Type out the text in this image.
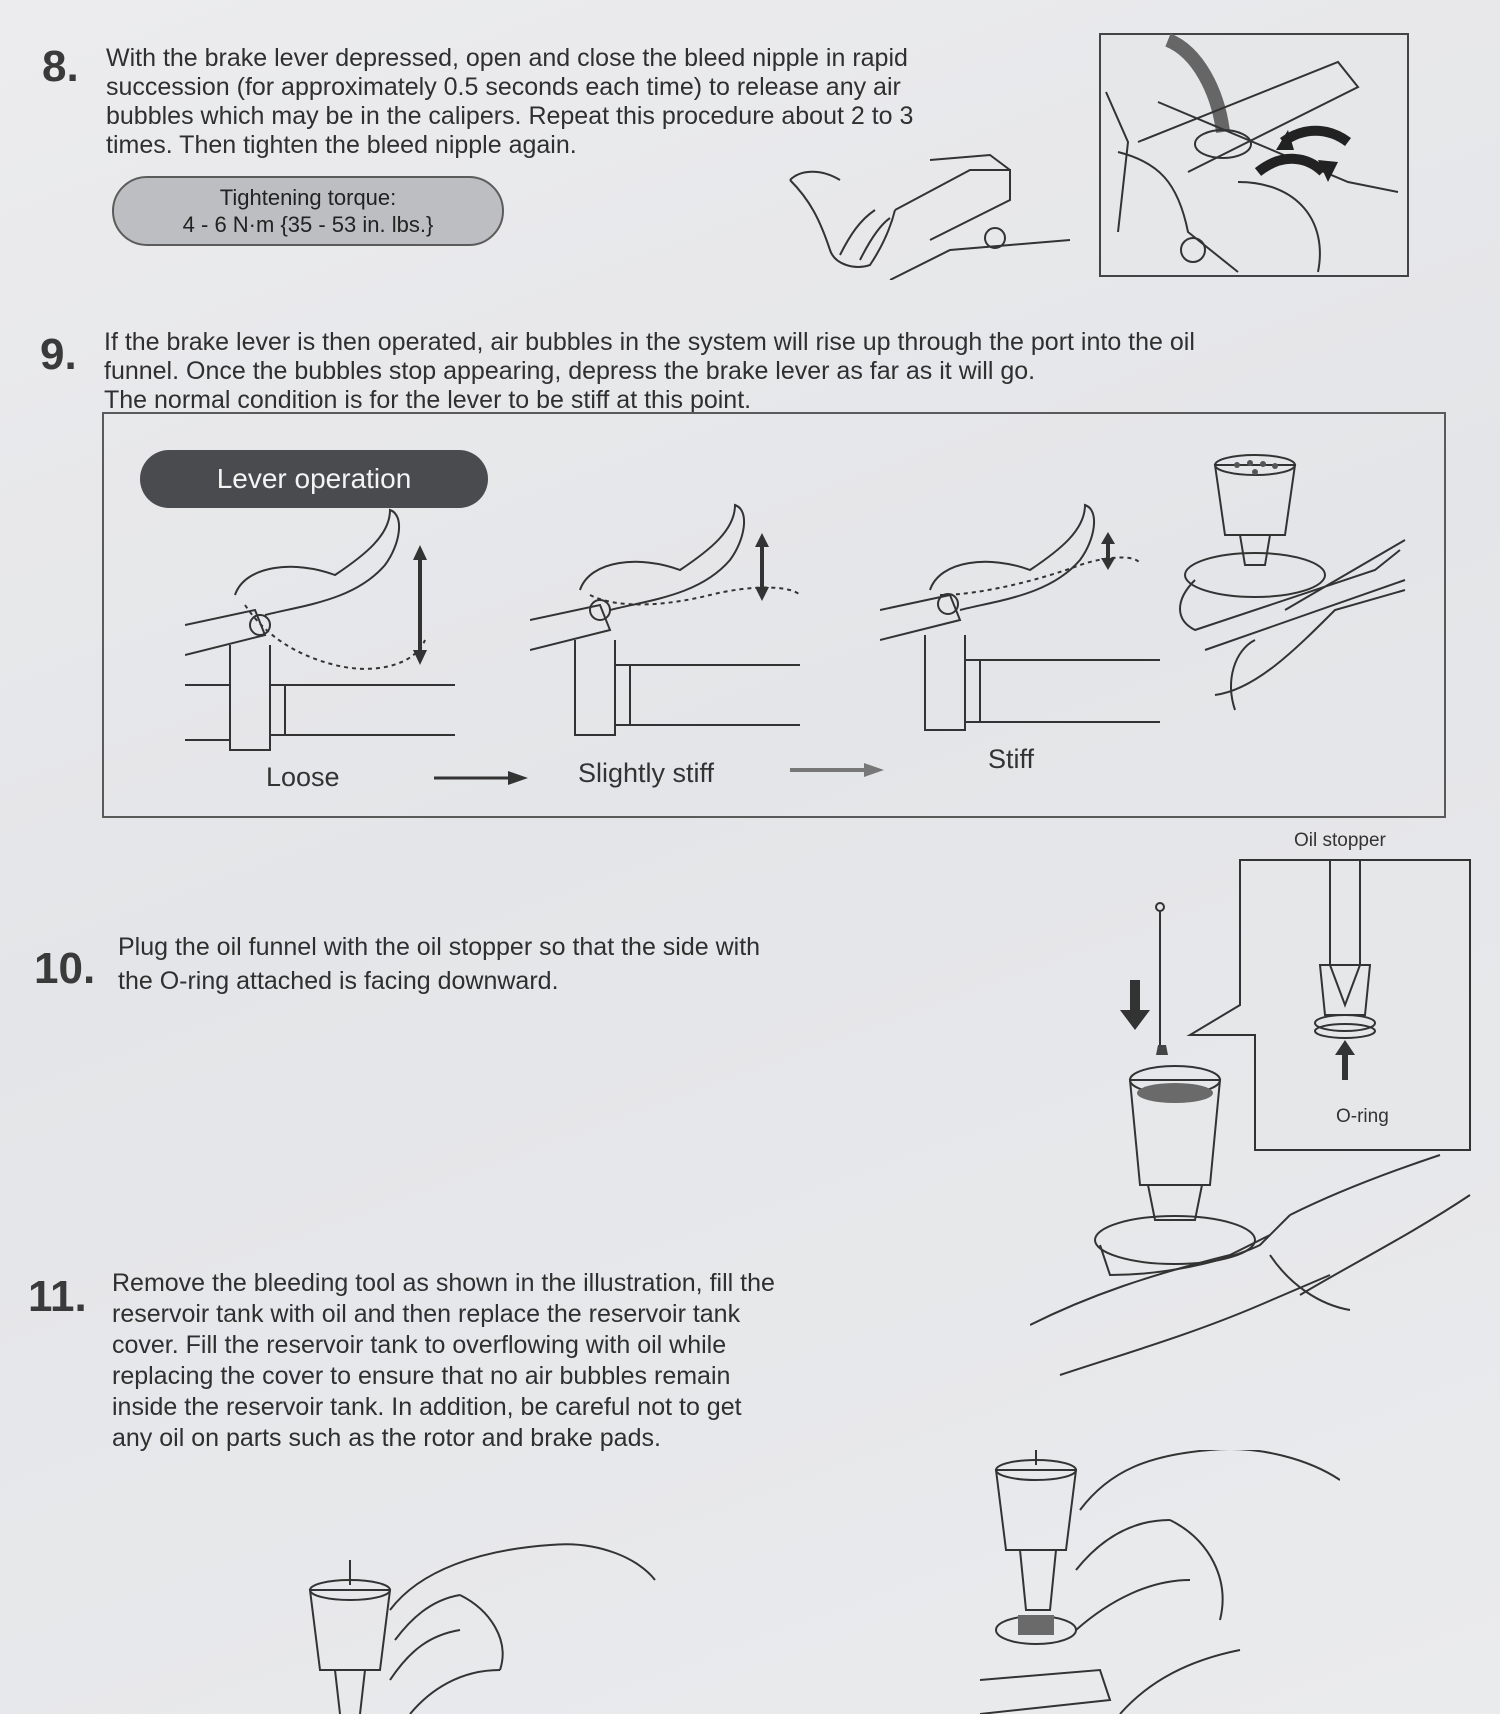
8. With the brake lever depressed, open and close the bleed nipple in rapid
succession (for approximately 0.5 seconds each time) to release any air
bubbles which may be in the calipers. Repeat this procedure about 2 to 3
times. Then tighten the bleed nipple again.
Tightening torque:
4 - 6 N·m {35 - 53 in. lbs.}
9. If the brake lever is then operated, air bubbles in the system will rise up through the port into the oil
funnel. Once the bubbles stop appearing, depress the brake lever as far as it will go.
The normal condition is for the lever to be stiff at this point.
Lever operation
Loose	Slightly stiff	Stiff
10. Plug the oil funnel with the oil stopper so that the side with
the O-ring attached is facing downward.
Oil stopper
O-ring
11. Remove the bleeding tool as shown in the illustration, fill the
reservoir tank with oil and then replace the reservoir tank
cover. Fill the reservoir tank to overflowing with oil while
replacing the cover to ensure that no air bubbles remain
inside the reservoir tank. In addition, be careful not to get
any oil on parts such as the rotor and brake pads.
